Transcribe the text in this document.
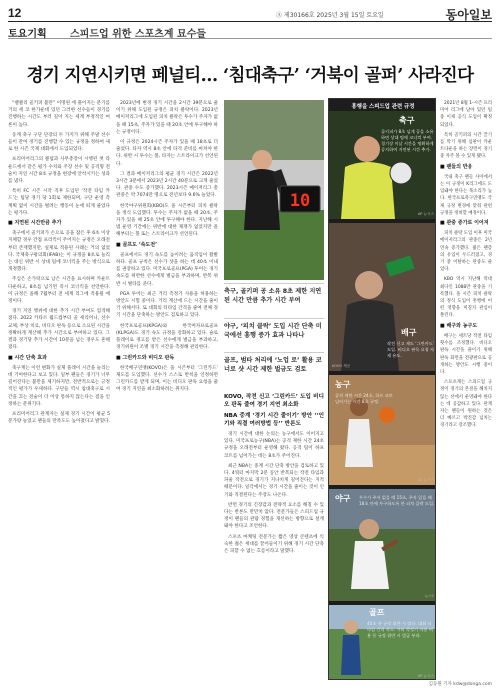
12	Ⓐ 제30166호 2025년 3월 15일 토요일	동아일보
토요기획 스피드업 위한 스포츠계 묘수들
경기 지연시키면 페널티… ‘침대축구’ ‘거북이 골퍼’ 사라진다

“밸클리 골키퍼 불만” 이명원 에 풀어지는 분기를 거의 세 코 한가운데 있던 그러한 선수들이 경기를 진행하는 시간도 부러 길어 지는 세계 부정적인 여론이 높다.

동계 축구 구단 단장의 두 가지가 위해 주말 선수들이 잔여 경기를 진행할 수 있는 규정을 정하여 새로 한 시즌 국제 대회에서 도입되었다.

프리미어리그의 클럽과 사무총장이 시행된 첫 라운드에서 같은 평가 수치와 주장 선수 및 공격형 전술이 지연 시간 8초 규정을 현장에 안착시키는 성과를 냈다.

특히 FC 시즌 시작 직후 도입된 ‘작전 타임 카드’는 팀당 경기 당 1회로 제한되며, 구단 운영 측 계획 없이 시간을 벌려는 행동이 눈에 띄게 줄었다는 평가다.

■ 지연된 시간만큼 추가

축구에서 골키퍼가 손으로 공을 잡은 후 6초 이상 지체할 경우 간접 프리킥이 주어지는 규정은 오래전부터 존재했지만, 실제로 적용된 사례는 거의 없었다. 국제축구평의회(IFAB)는 이 규정을 8초로 늘리는 대신 위반 시 상대 팀에 코너킥을 주는 방식으로 개정했다.

주심은 손가락으로 남은 시간을 표시하며 카운트다운하고, 8초를 넘기면 즉시 코너킥을 선언한다. 이 규정은 올해 7월부터 전 세계 리그에 적용될 예정이다.

경기 지연 행위에 대한 추가 시간 부여도 엄격해졌다. 2022 카타르 월드컵부터 골 세리머니, 선수 교체, 부상 치료, 비디오 판독 등으로 소요된 시간을 정확하게 계산해 추가 시간으로 부여하고 있다. 그 결과 경기당 추가 시간이 10분을 넘는 경우도 흔해졌다.

■ 시간 단축 효과

축구계는 이런 변화가 실제 플레이 시간을 늘리는 데 기여한다고 보고 있다. 일부 팬들은 경기가 너무 길어진다는 불만을 제기하지만, 전반적으로는 긍정적인 평가가 우세하다. 구단들 역시 침대축구로 시간을 끄는 전술이 더 이상 통하지 않는다는 점을 인정하는 분위기다.

프리미어리그 관계자는 실제 경기 시간이 평균 5분가량 늘었고 팬들의 만족도도 높아졌다고 밝혔다.

2023년에 변경 경기 시간을 2시간 39분으로 줄이기 위해 도입된 규정은 피치 클락이다. 2023년 메이저리그에 도입된 피치 클락은 투수가 주자가 없을 때 15초, 주자가 있을 때 20초 안에 투구해야 하는 규정이다.

이 규정은 2024시즌 주자가 있을 때 18초로 더 줄었다. 타자 역시 8초 안에 타격 준비를 마쳐야 한다. 위반 시 투수는 볼, 타자는 스트라이크가 선언된다.

그 결과 메이저리그의 평균 경기 시간은 2022년 3시간 3분에서 2023년 2시간 40분으로 크게 줄었다. 관중 수도 증가했다. 2023시즌 메이저리그 총관중은 약 7074만 명으로 전년보다 9.6% 늘었다.

한국야구위원회(KBO)도 올 시즌부터 피치 클락을 정식 도입했다. 투수는 주자가 없을 때 20초, 주자가 있을 때 25초 안에 투구해야 한다. 지난해 시범 운영 기간에는 위반에 대한 제재가 없었지만 올해부터는 볼 또는 스트라이크가 선언된다.

■ 골프도 ‘속도전’

골프에서도 경기 속도를 높이려는 움직임이 활발하다. 골프 규칙은 선수가 샷을 하는 데 40초 이내를 권장하고 있다. 미국프로골프(PGA) 투어는 경기 속도를 위반한 선수에게 벌금을 부과하며, 반복 위반 시 벌타를 준다.

PGA 투어는 최근 거리 측정기 사용을 허용하는 방안도 시험 중이다. 거리 계산에 드는 시간을 줄이기 위해서다. 또 대회의 티타임 간격을 줄여 전체 경기 시간을 단축하는 방안도 검토하고 있다.

한국프로골프(KPGA)와 한국여자프로골프(KLPGA)도 경기 속도 규정을 강화하고 있다. 슬로 플레이로 경고를 받은 선수에게 벌금을 부과하고, 경기위원이 조별 경기 시간을 측정해 관리한다.

■ 그린카드와 비디오 판독

한국배구연맹(KOVO)은 올 시즌부터 ‘그린카드’ 제도를 도입했다. 선수가 스스로 반칙을 인정하면 그린카드를 받게 되며, 이는 비디오 판독 요청을 줄여 경기 지연을 최소화하려는 취지다.

10
축구, 골키퍼 공 소유 8초 제한 지연된 시간 만큼 추가 시간 부여
야구, ‘피치 클락’ 도입 시간 단축 미국에선 흥행 증가 효과 나타나
골프, 범타 처리에 ‘노업 로’ 활용 코너로 샷 시간 제한 벌금도 검토

KOVO, 작전 신고 ‘그린카드’ 도입 비디오 판독 줄여 경기 지연 최소화

NBA 중계 ‘경기 시간 줄이기’ 방안 ‘‘인기와 직결 여러방법 등’’ 반론도

경기 시간에 대한 논의는 농구에서도 이어지고 있다. 미국프로농구(NBA)는 공격 제한 시간 24초 규정을 오래전부터 운영해 왔다. 공격 팀이 하프 코트를 넘어가는 데는 8초가 주어진다.

최근 NBA는 중계 시간 단축 방안을 검토하고 있다. 4쿼터 마지막 2분 동안 반복되는 작전 타임과 파울 작전으로 경기가 지나치게 길어진다는 지적 때문이다. 일각에서는 경기 시간을 줄이는 것이 인기와 직결된다는 주장도 나온다.

반면 경기의 긴장감과 전략적 요소를 해칠 수 있다는 반론도 만만치 않다. 전문가들은 스피드업 규정이 팬들의 관람 경험을 개선하는 방향으로 설계돼야 한다고 조언한다.

스포츠 마케팅 전문가는 짧은 영상 콘텐츠에 익숙한 젊은 세대를 끌어들이기 위해 경기 시간 단축은 피할 수 없는 흐름이라고 말했다.

흥행을 스피드업 관련 규정
축구
골키퍼가 8초 넘게 공을 소유하면 상대 팀에 코너킥 부여. 경기장 이날 시간을 명확하게 공지하여 지연된 시간 추가.
AP 뉴시스
배구
작전 신고 제도 ‘그린카드’ 도입. 비디오 판독 요청 자제 유도.
KOVO 제공
농구
공격 제한 시간 24초, 하프 코트 넘어가는 시간 8초 규정.
AP 뉴시스
야구 투수가 주자 없을 때 15초, 주자 있을 때 18초 안에 투구하도록 한 피치 클락 도입.
뉴스1
골프
40초 샷 규정 위반 시 벌타. 대회 티타임 간격 축소. 거리 측정기 사용 허용 등 규정 위반 시 벌금 부과.
AP 뉴시스

2021년 8월 1-시즌 프리미어 리그에 남아 있던 팀 중 이제 공식 도입이 확정되었다.

특히 골키퍼의 시간 끌기를 막기 위해 심판이 카운트다운을 하는 장면이 경기 중 자주 볼 수 있게 됐다.

■ 팬들의 반응

국내 축구 팬들 사이에서는 이 규정이 K리그에도 도입돼야 한다는 목소리가 높다. 한국프로축구연맹도 국제 규정 변경에 맞춰 관련 규정을 정비할 예정이다.

■ 관중 증가로 이어져

피치 클락 도입 이후 미국 메이저리그의 관중은 2년 연속 증가했다. 젊은 팬층의 유입이 두드러졌고, 경기 중 이탈하는 관중도 줄었다.

KBO 역시 지난해 역대 최다인 1088만 관중을 기록했다. 올 시즌 피치 클락의 정식 도입이 흥행에 어떤 영향을 미칠지 관심이 쏠린다.

■ 배구와 농구도

배구는 세트당 작전 타임 횟수를 조정했다. 비디오 판독 시간을 줄이기 위해 판독 화면을 전광판으로 공개하는 방안도 시행 중이다.

스포츠계는 스피드업 규정이 경기의 본질을 해치지 않는 선에서 운영돼야 한다는 데 공감하고 있다. 관계자는 팬들이 원하는 것은 더 빠르고 박진감 넘치는 경기라고 강조했다.

김동원 기자 kdw@donga.com
